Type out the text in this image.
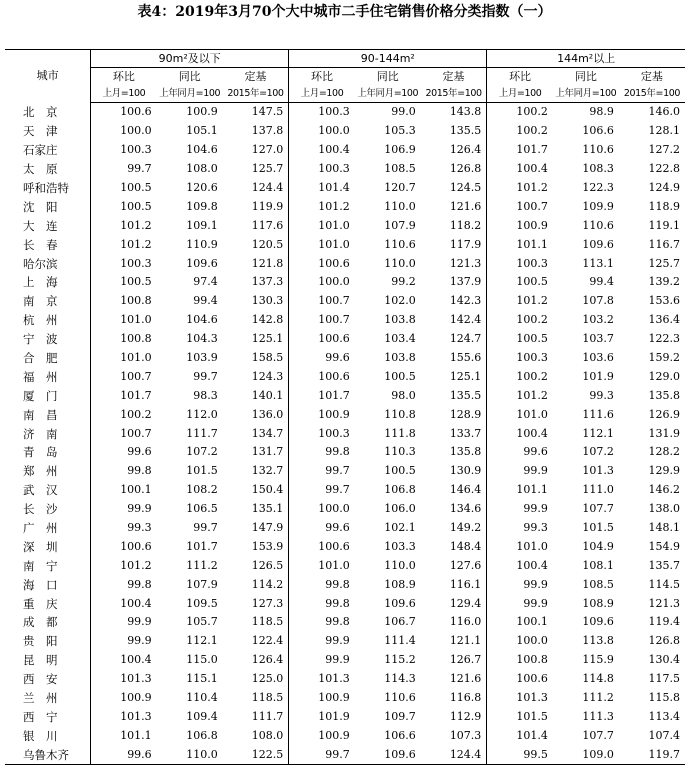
表4：2019年3月70个大中城市二手住宅销售价格分类指数（一）
城市	90m²及以下			90-144m²			144m²以上		
	环比	同比	定基	环比	同比	定基	环比	同比	定基
	上月=100	上年同月=100	2015年=100	上月=100	上年同月=100	2015年=100	上月=100	上年同月=100	2015年=100
北　京	100.6	100.9	147.5	100.3	99.0	143.8	100.2	98.9	146.0
天　津	100.0	105.1	137.8	100.0	105.3	135.5	100.2	106.6	128.1
石家庄	100.3	104.6	127.0	100.4	106.9	126.4	101.7	110.6	127.2
太　原	99.7	108.0	125.7	100.3	108.5	126.8	100.4	108.3	122.8
呼和浩特	100.5	120.6	124.4	101.4	120.7	124.5	101.2	122.3	124.9
沈　阳	100.5	109.8	119.9	101.2	110.0	121.6	100.7	109.9	118.9
大　连	101.2	109.1	117.6	101.0	107.9	118.2	100.9	110.6	119.1
长　春	101.2	110.9	120.5	101.0	110.6	117.9	101.1	109.6	116.7
哈尔滨	100.3	109.6	121.8	100.6	110.0	121.3	100.3	113.1	125.7
上　海	100.5	97.4	137.3	100.0	99.2	137.9	100.5	99.4	139.2
南　京	100.8	99.4	130.3	100.7	102.0	142.3	101.2	107.8	153.6
杭　州	101.0	104.6	142.8	100.7	103.8	142.4	100.2	103.2	136.4
宁　波	100.8	104.3	125.1	100.6	103.4	124.7	100.5	103.7	122.3
合　肥	101.0	103.9	158.5	99.6	103.8	155.6	100.3	103.6	159.2
福　州	100.7	99.7	124.3	100.6	100.5	125.1	100.2	101.9	129.0
厦　门	101.7	98.3	140.1	101.7	98.0	135.5	101.2	99.3	135.8
南　昌	100.2	112.0	136.0	100.9	110.8	128.9	101.0	111.6	126.9
济　南	100.7	111.7	134.7	100.3	111.8	133.7	100.4	112.1	131.9
青　岛	99.6	107.2	131.7	99.8	110.3	135.8	99.6	107.2	128.2
郑　州	99.8	101.5	132.7	99.7	100.5	130.9	99.9	101.3	129.9
武　汉	100.1	108.2	150.4	99.7	106.8	146.4	101.1	111.0	146.2
长　沙	99.9	106.5	135.1	100.0	106.0	134.6	99.9	107.7	138.0
广　州	99.3	99.7	147.9	99.6	102.1	149.2	99.3	101.5	148.1
深　圳	100.6	101.7	153.9	100.6	103.3	148.4	101.0	104.9	154.9
南　宁	101.2	111.2	126.5	101.0	110.0	127.6	100.4	108.1	135.7
海　口	99.8	107.9	114.2	99.8	108.9	116.1	99.9	108.5	114.5
重　庆	100.4	109.5	127.3	99.8	109.6	129.4	99.9	108.9	121.3
成　都	99.9	105.7	118.5	99.8	106.7	116.0	100.1	109.6	119.4
贵　阳	99.9	112.1	122.4	99.9	111.4	121.1	100.0	113.8	126.8
昆　明	100.4	115.0	126.4	99.9	115.2	126.7	100.8	115.9	130.4
西　安	101.3	115.1	125.0	101.3	114.3	121.6	100.6	114.8	117.5
兰　州	100.9	110.4	118.5	100.9	110.6	116.8	101.3	111.2	115.8
西　宁	101.3	109.4	111.7	101.9	109.7	112.9	101.5	111.3	113.4
银　川	101.1	106.8	108.0	100.9	106.6	107.3	101.4	107.7	107.4
乌鲁木齐	99.6	110.0	122.5	99.7	109.6	124.4	99.5	109.0	119.7
